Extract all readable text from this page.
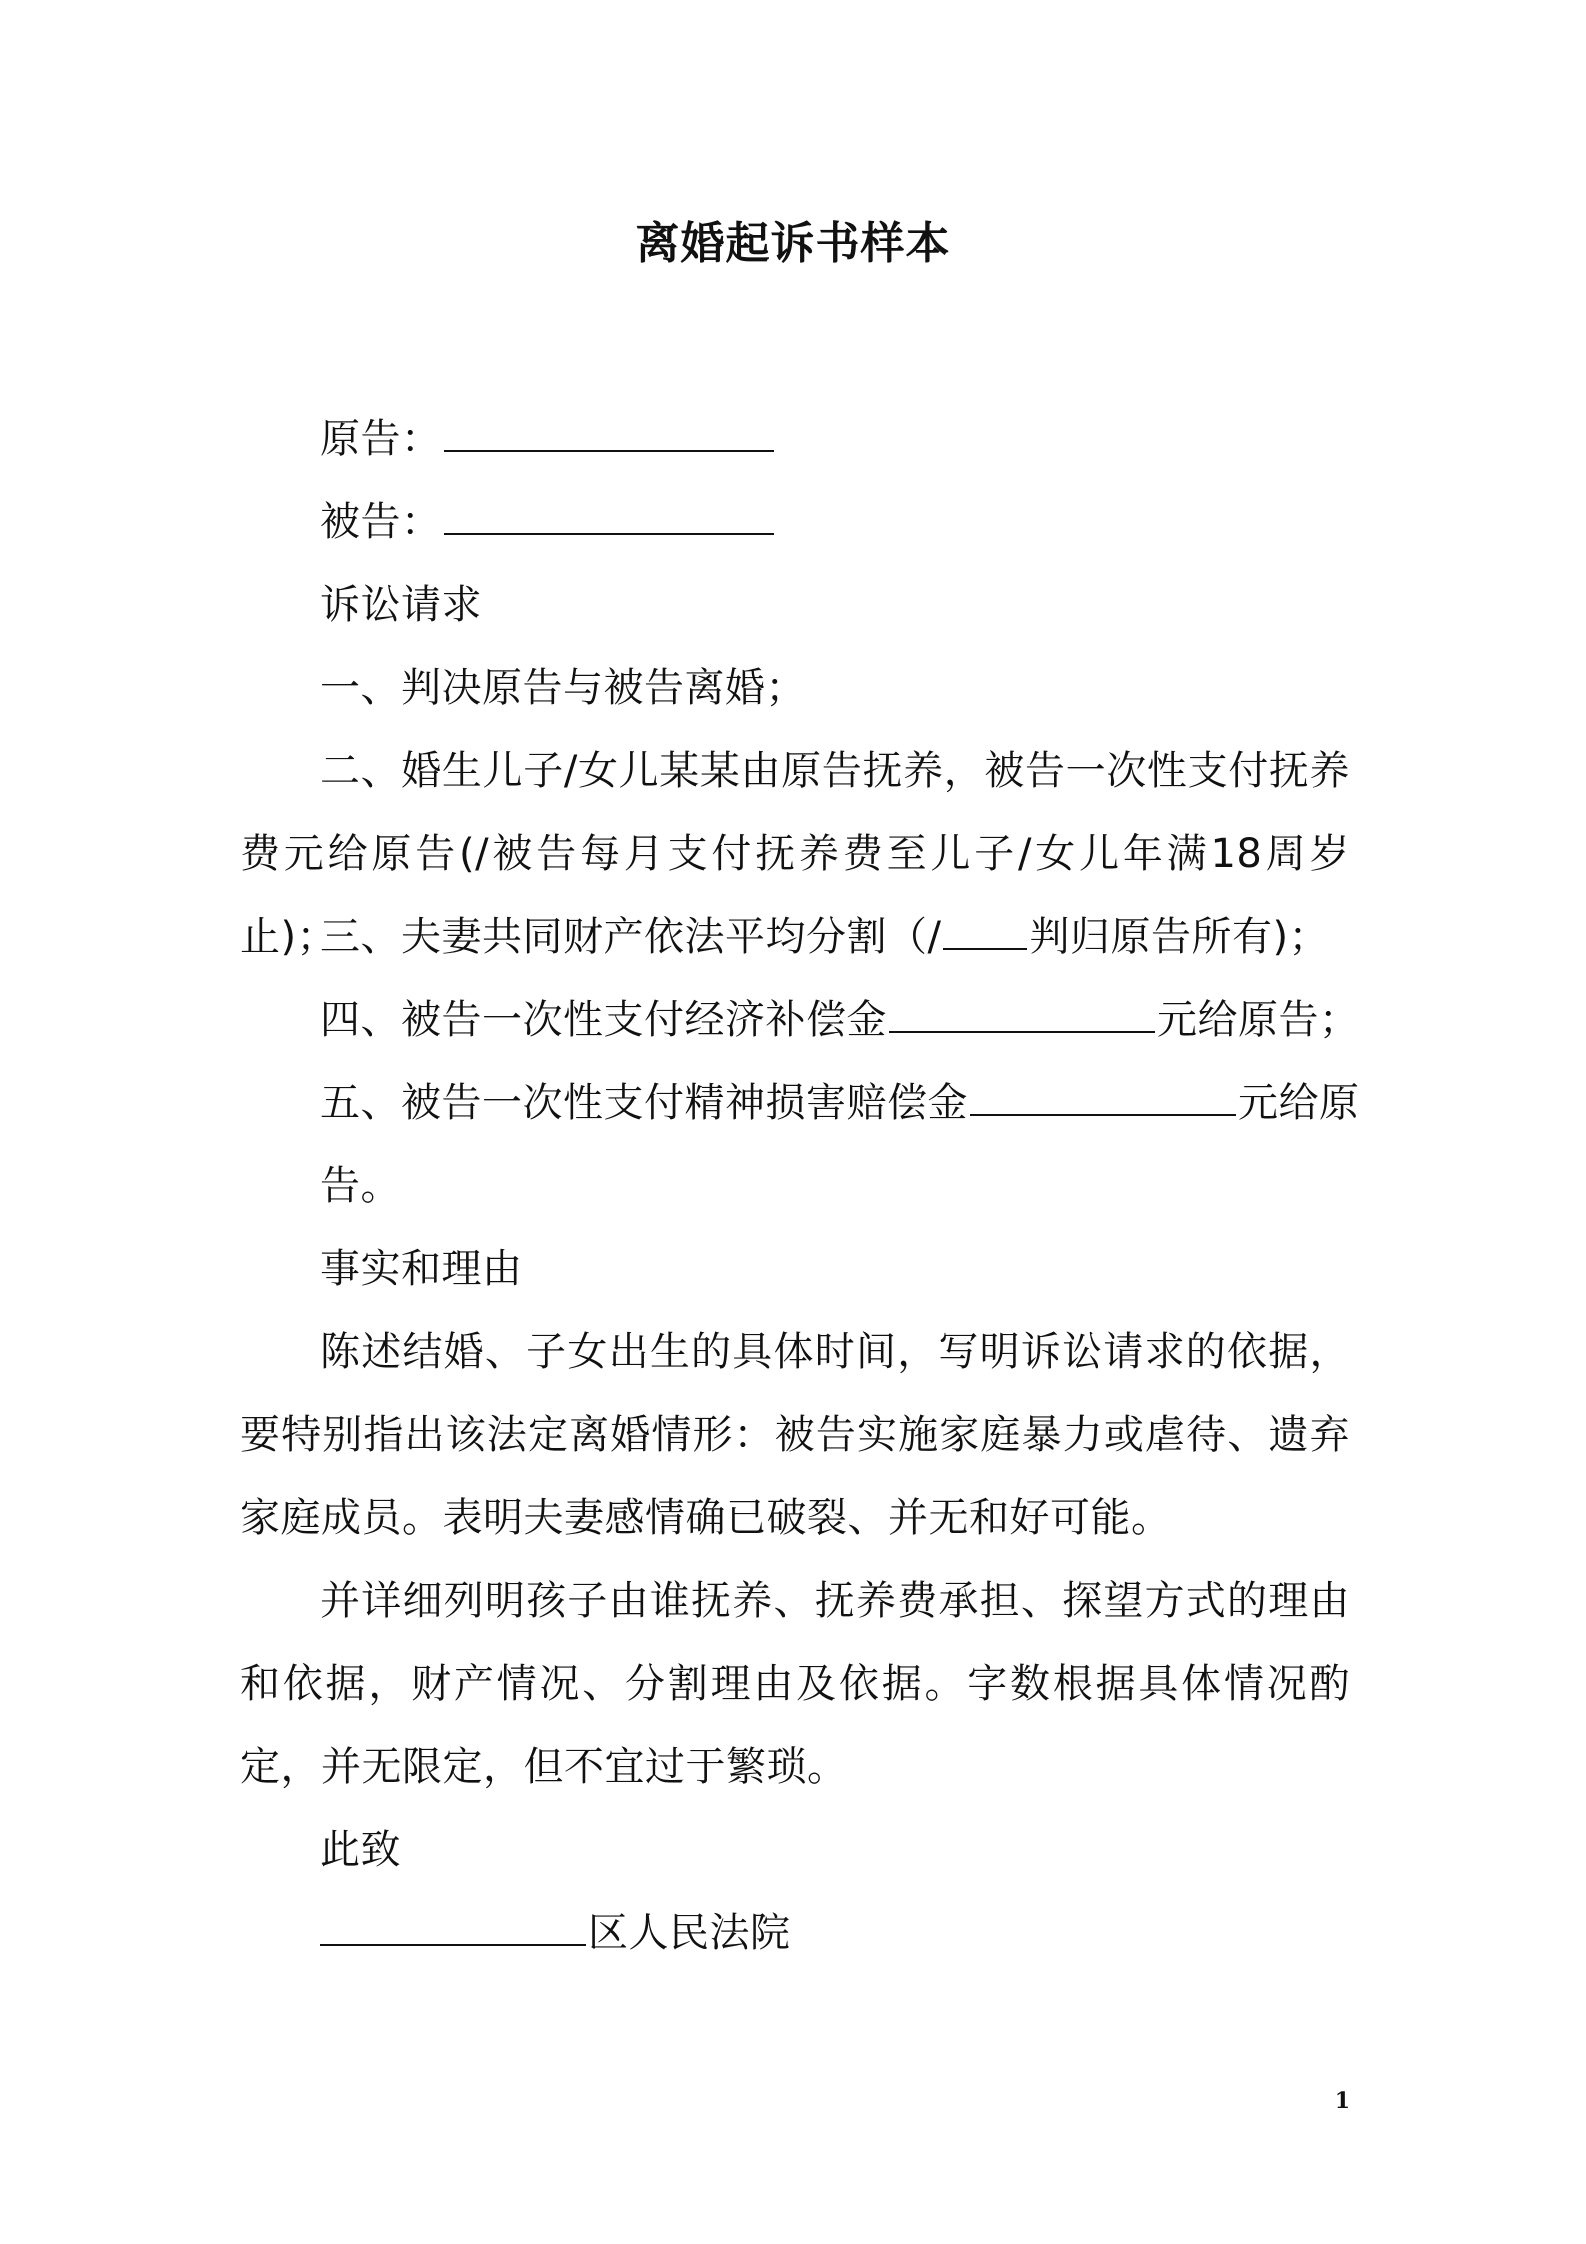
离婚起诉书样本
原告：
被告：
诉讼请求
一、判决原告与被告离婚；
二、婚生儿子/女儿某某由原告抚养，被告一次性支付抚养费元给原告(/被告每月支付抚养费至儿子/女儿年满18周岁止)；
三、夫妻共同财产依法平均分割（/ 判归原告所有)；
四、被告一次性支付经济补偿金	元给原告；
五、被告一次性支付精神损害赔偿金	元给原告。
事实和理由
陈述结婚、子女出生的具体时间，写明诉讼请求的依据，要特别指出该法定离婚情形：被告实施家庭暴力或虐待、遗弃家庭成员。表明夫妻感情确已破裂、并无和好可能。
并详细列明孩子由谁抚养、抚养费承担、探望方式的理由和依据，财产情况、分割理由及依据。字数根据具体情况酌定，并无限定，但不宜过于繁琐。
此致
区人民法院
1
